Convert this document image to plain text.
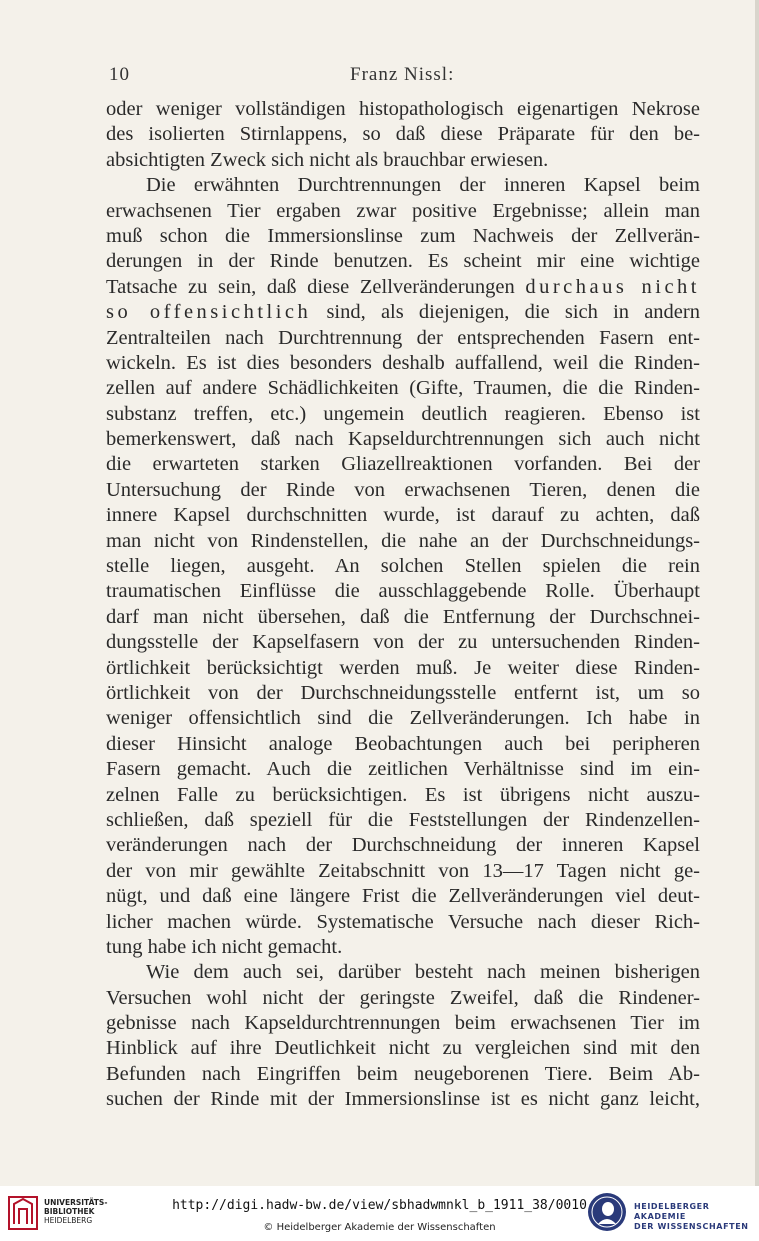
10	Franz Nissl:
oder weniger vollständigen histopathologisch eigenartigen Nekrose
des isolierten Stirnlappens, so daß diese Präparate für den be-
absichtigten Zweck sich nicht als brauchbar erwiesen.
Die erwähnten Durchtrennungen der inneren Kapsel beim
erwachsenen Tier ergaben zwar positive Ergebnisse; allein man
muß schon die Immersionslinse zum Nachweis der Zellverän-
derungen in der Rinde benutzen. Es scheint mir eine wichtige
Tatsache zu sein, daß diese Zellveränderungen durchaus nicht
so offensichtlich sind, als diejenigen, die sich in andern
Zentralteilen nach Durchtrennung der entsprechenden Fasern ent-
wickeln. Es ist dies besonders deshalb auffallend, weil die Rinden-
zellen auf andere Schädlichkeiten (Gifte, Traumen, die die Rinden-
substanz treffen, etc.) ungemein deutlich reagieren. Ebenso ist
bemerkenswert, daß nach Kapseldurchtrennungen sich auch nicht
die erwarteten starken Gliazellreaktionen vorfanden. Bei der
Untersuchung der Rinde von erwachsenen Tieren, denen die
innere Kapsel durchschnitten wurde, ist darauf zu achten, daß
man nicht von Rindenstellen, die nahe an der Durchschneidungs-
stelle liegen, ausgeht. An solchen Stellen spielen die rein
traumatischen Einflüsse die ausschlaggebende Rolle. Überhaupt
darf man nicht übersehen, daß die Entfernung der Durchschnei-
dungsstelle der Kapselfasern von der zu untersuchenden Rinden-
örtlichkeit berücksichtigt werden muß. Je weiter diese Rinden-
örtlichkeit von der Durchschneidungsstelle entfernt ist, um so
weniger offensichtlich sind die Zellveränderungen. Ich habe in
dieser Hinsicht analoge Beobachtungen auch bei peripheren
Fasern gemacht. Auch die zeitlichen Verhältnisse sind im ein-
zelnen Falle zu berücksichtigen. Es ist übrigens nicht auszu-
schließen, daß speziell für die Feststellungen der Rindenzellen-
veränderungen nach der Durchschneidung der inneren Kapsel
der von mir gewählte Zeitabschnitt von 13—17 Tagen nicht ge-
nügt, und daß eine längere Frist die Zellveränderungen viel deut-
licher machen würde. Systematische Versuche nach dieser Rich-
tung habe ich nicht gemacht.
Wie dem auch sei, darüber besteht nach meinen bisherigen
Versuchen wohl nicht der geringste Zweifel, daß die Rindener-
gebnisse nach Kapseldurchtrennungen beim erwachsenen Tier im
Hinblick auf ihre Deutlichkeit nicht zu vergleichen sind mit den
Befunden nach Eingriffen beim neugeborenen Tiere. Beim Ab-
suchen der Rinde mit der Immersionslinse ist es nicht ganz leicht,
UNIVERSITÄTS-
BIBLIOTHEK
HEIDELBERG
http://digi.hadw-bw.de/view/sbhadwmnkl_b_1911_38/0010
© Heidelberger Akademie der Wissenschaften
HEIDELBERGER AKADEMIE
DER WISSENSCHAFTEN
